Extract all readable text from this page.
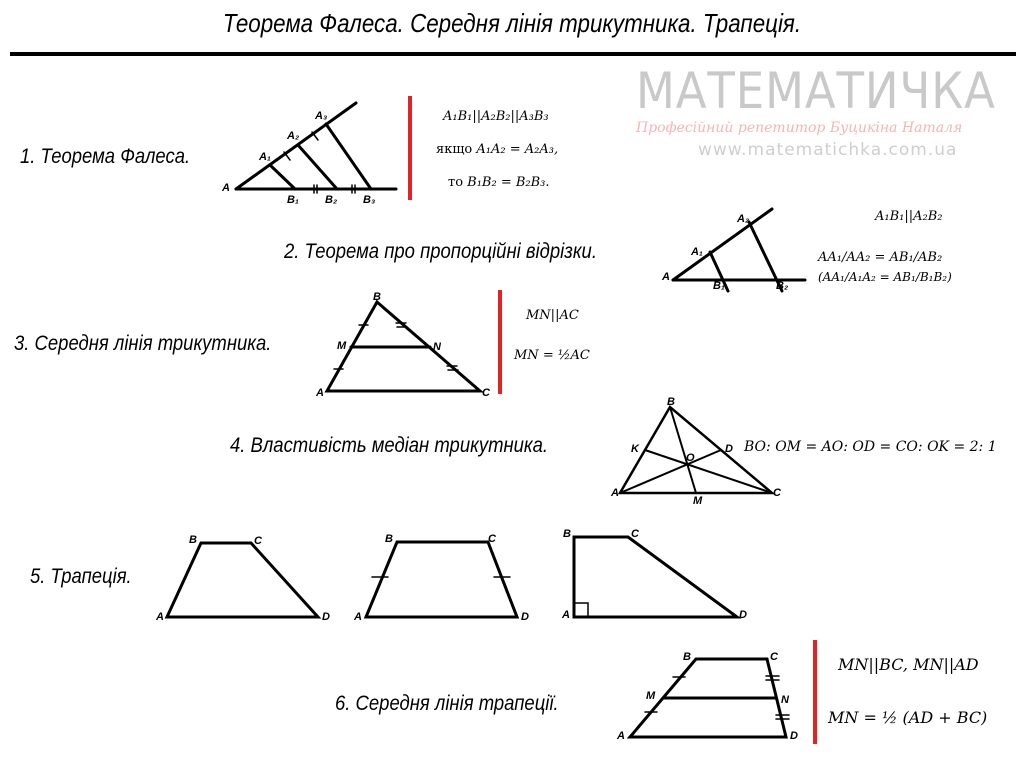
Теорема Фалеса. Середня лінія трикутника. Трапеція.
МАТЕМАТИЧКА
Професійний репетитор Буцикіна Наталя
www.matematichka.com.ua
1. Теорема Фалеса.
2. Теорема про пропорційні відрізки.
3. Середня лінія трикутника.
4. Властивість медіан трикутника.
5. Трапеція.
6. Середня лінія трапеції.
A₁B₁||A₂B₂||A₃B₃
якщо A₁A₂ = A₂A₃,
то B₁B₂ = B₂B₃.
A₁B₁||A₂B₂
AA₁/AA₂ = AB₁/AB₂
(AA₁/A₁A₂ = AB₁/B₁B₂)
MN||AC
MN = ½AC
BO: OM = AO: OD = CO: OK = 2: 1
MN||BC, MN||AD
MN = ½ (AD + BC)
A
A₁
A₂
A₃
B₁ B₂ B₃
A
A₁
A₂
B₁	B₂
B
A	C
M	N
B
A	C
D
K
M
O
B	C
A	D
B	C
A	D
B	C
A	D
B	C
M	N
A	D
